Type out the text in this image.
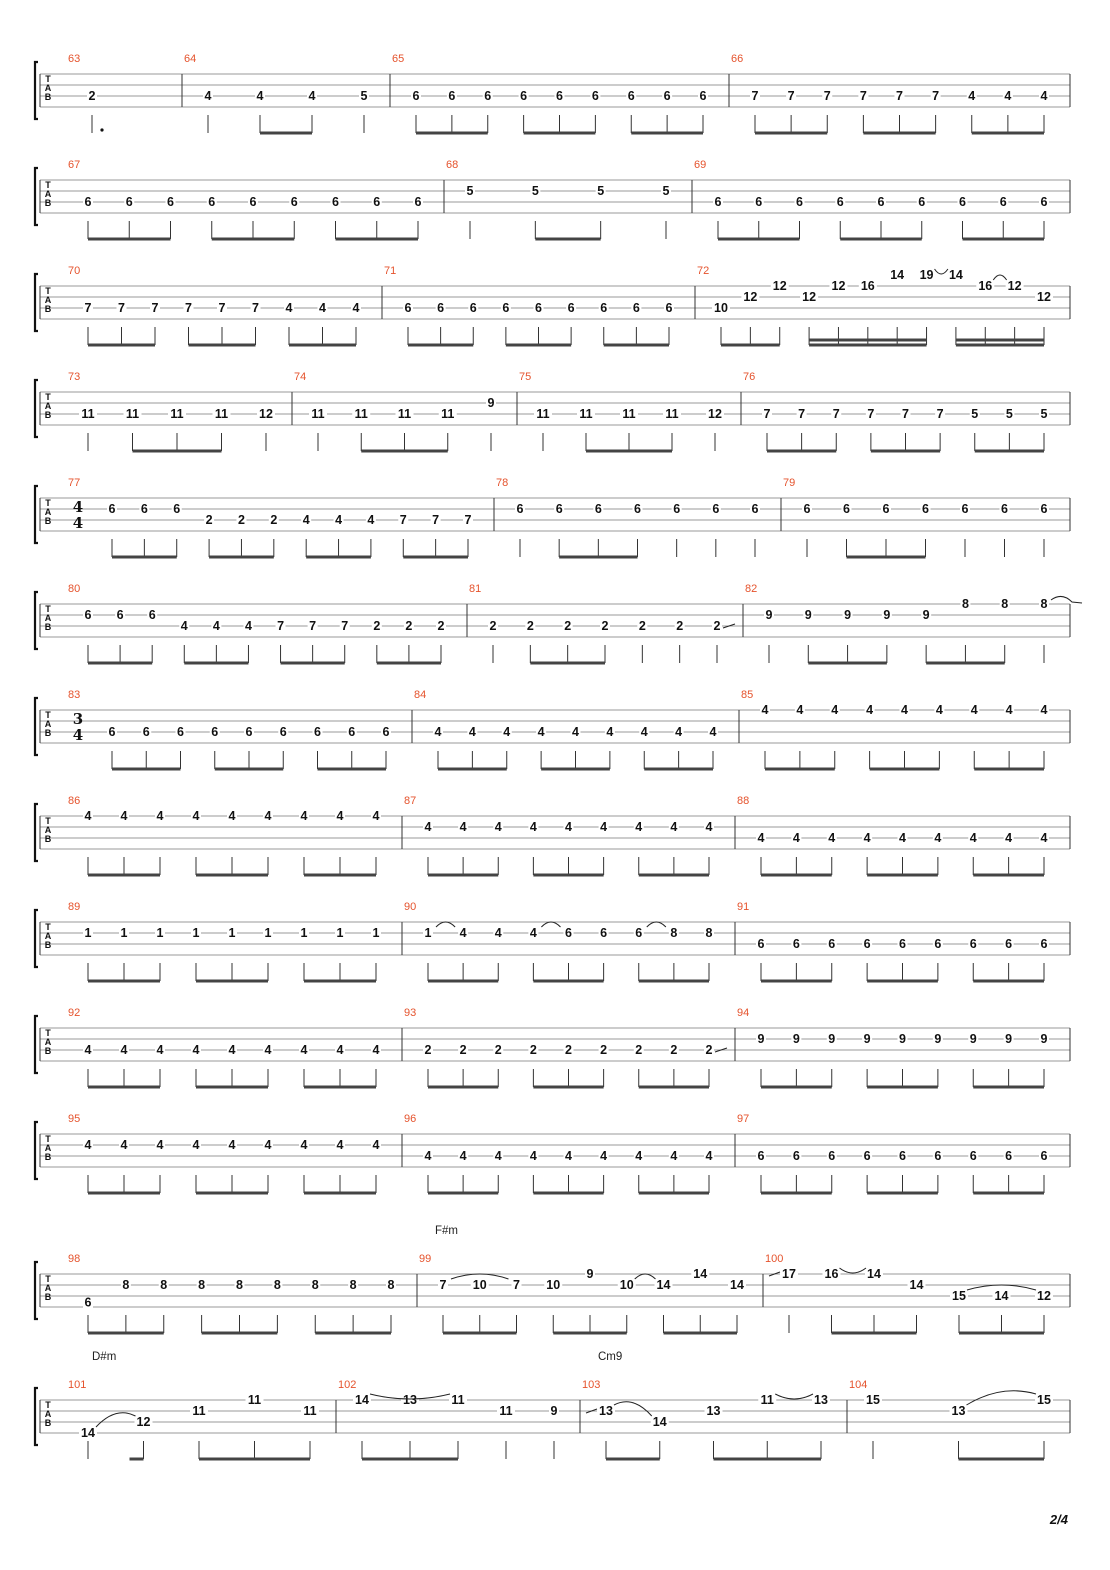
2/4
T
A
B
63
2
64
4	4	4	5
65
6 6 6 6 6 6 6 6 6
66
7 7 7 7 7 7 4 4 4
T
A
B
67
6	6	6	6	6	6	6	6	6
68
5	5	5	5
69
6	6	6	6	6	6	6	6	6
T
A
B
70
7 7 7 7 7 7 4 4 4
71
6 6 6 6 6 6 6 6 6
72
10
12
12
12
12 16
14 19 14
16 12
12
T
A
B
73
11	11	11	11 12
74
11 11 11 11
9
75
11 11 11 11 12
76
7 7 7 7 7 7 5 5 5
T
A
B
4
4
77
6 6 6
2 2 2 4 4 4 7 7 7
78
6	6	6	6	6	6	6
79
6	6	6	6	6	6	6
T
A
B
80
6 6 6
4 4 4 7 7 7 2 2 2
81
2 2 2 2 2 2 2
82
9	9	9	9	9
8	8	8
T
A
B
3
4
83
6 6 6 6 6 6 6 6 6
84
4 4 4 4 4 4 4 4 4
85
4 4 4 4 4 4 4 4 4
T
A
B
86
4 4 4 4 4 4 4 4 4
87
4 4 4 4 4 4 4 4 4
88
4 4 4 4 4 4 4 4 4
T
A
B
89
1 1 1 1 1 1 1 1 1
90
1 4 4 4 6 6 6 8 8
91
6 6 6 6 6 6 6 6 6
T
A
B
92
4 4 4 4 4 4 4 4 4
93
2 2 2 2 2 2 2 2 2
94
9 9 9 9 9 9 9 9 9
T
A
B
95
4 4 4 4 4 4 4 4 4
96
4 4 4 4 4 4 4 4 4
97
6 6 6 6 6 6 6 6 6
T
A
B
98
6
8 8 8 8 8 8 8 8
99
F#m
7 10 7 10
9
10 14
14
14
100
17 16 14
14
15 14 12
T
A
B
101
D#m
14
12
11
11
11
102
14	13	11
11	9
103
Cm9
13
14
13
11	13
104
15
13
15
